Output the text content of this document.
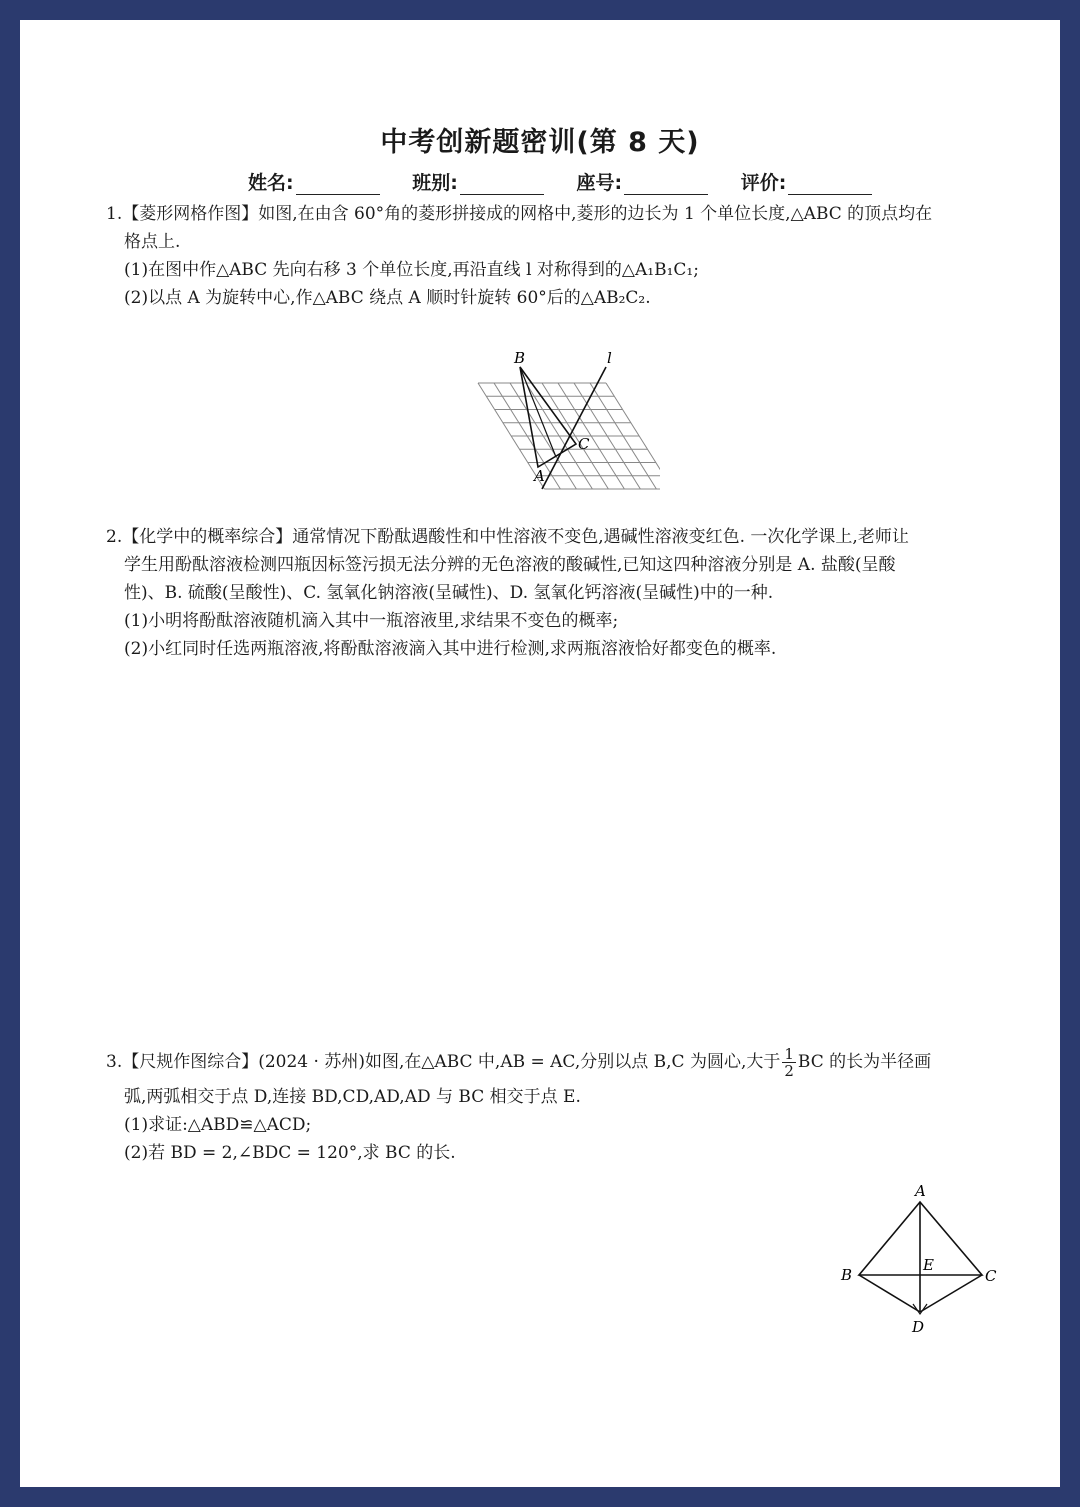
中考创新题密训(第 8 天)
姓名:	班别:	座号:	评价:

1.【菱形网格作图】如图,在由含 60°角的菱形拼接成的网格中,菱形的边长为 1 个单位长度,△ABC 的顶点均在

格点上.

(1)在图中作△ABC 先向右移 3 个单位长度,再沿直线 l 对称得到的△A₁B₁C₁;

(2)以点 A 为旋转中心,作△ABC 绕点 A 顺时针旋转 60°后的△AB₂C₂.

B	l
C
A

2.【化学中的概率综合】通常情况下酚酞遇酸性和中性溶液不变色,遇碱性溶液变红色. 一次化学课上,老师让

学生用酚酞溶液检测四瓶因标签污损无法分辨的无色溶液的酸碱性,已知这四种溶液分别是 A. 盐酸(呈酸

性)、B. 硫酸(呈酸性)、C. 氢氧化钠溶液(呈碱性)、D. 氢氧化钙溶液(呈碱性)中的一种.

(1)小明将酚酞溶液随机滴入其中一瓶溶液里,求结果不变色的概率;

(2)小红同时任选两瓶溶液,将酚酞溶液滴入其中进行检测,求两瓶溶液恰好都变色的概率.

3.【尺规作图综合】(2024 · 苏州)如图,在△ABC 中,AB = AC,分别以点 B,C 为圆心,大于 $\frac{1}{2}$ BC 的长为半径画

弧,两弧相交于点 D,连接 BD,CD,AD,AD 与 BC 相交于点 E.

(1)求证:△ABD≌△ACD;

(2)若 BD = 2,∠BDC = 120°,求 BC 的长.

A
B	C
E
D
